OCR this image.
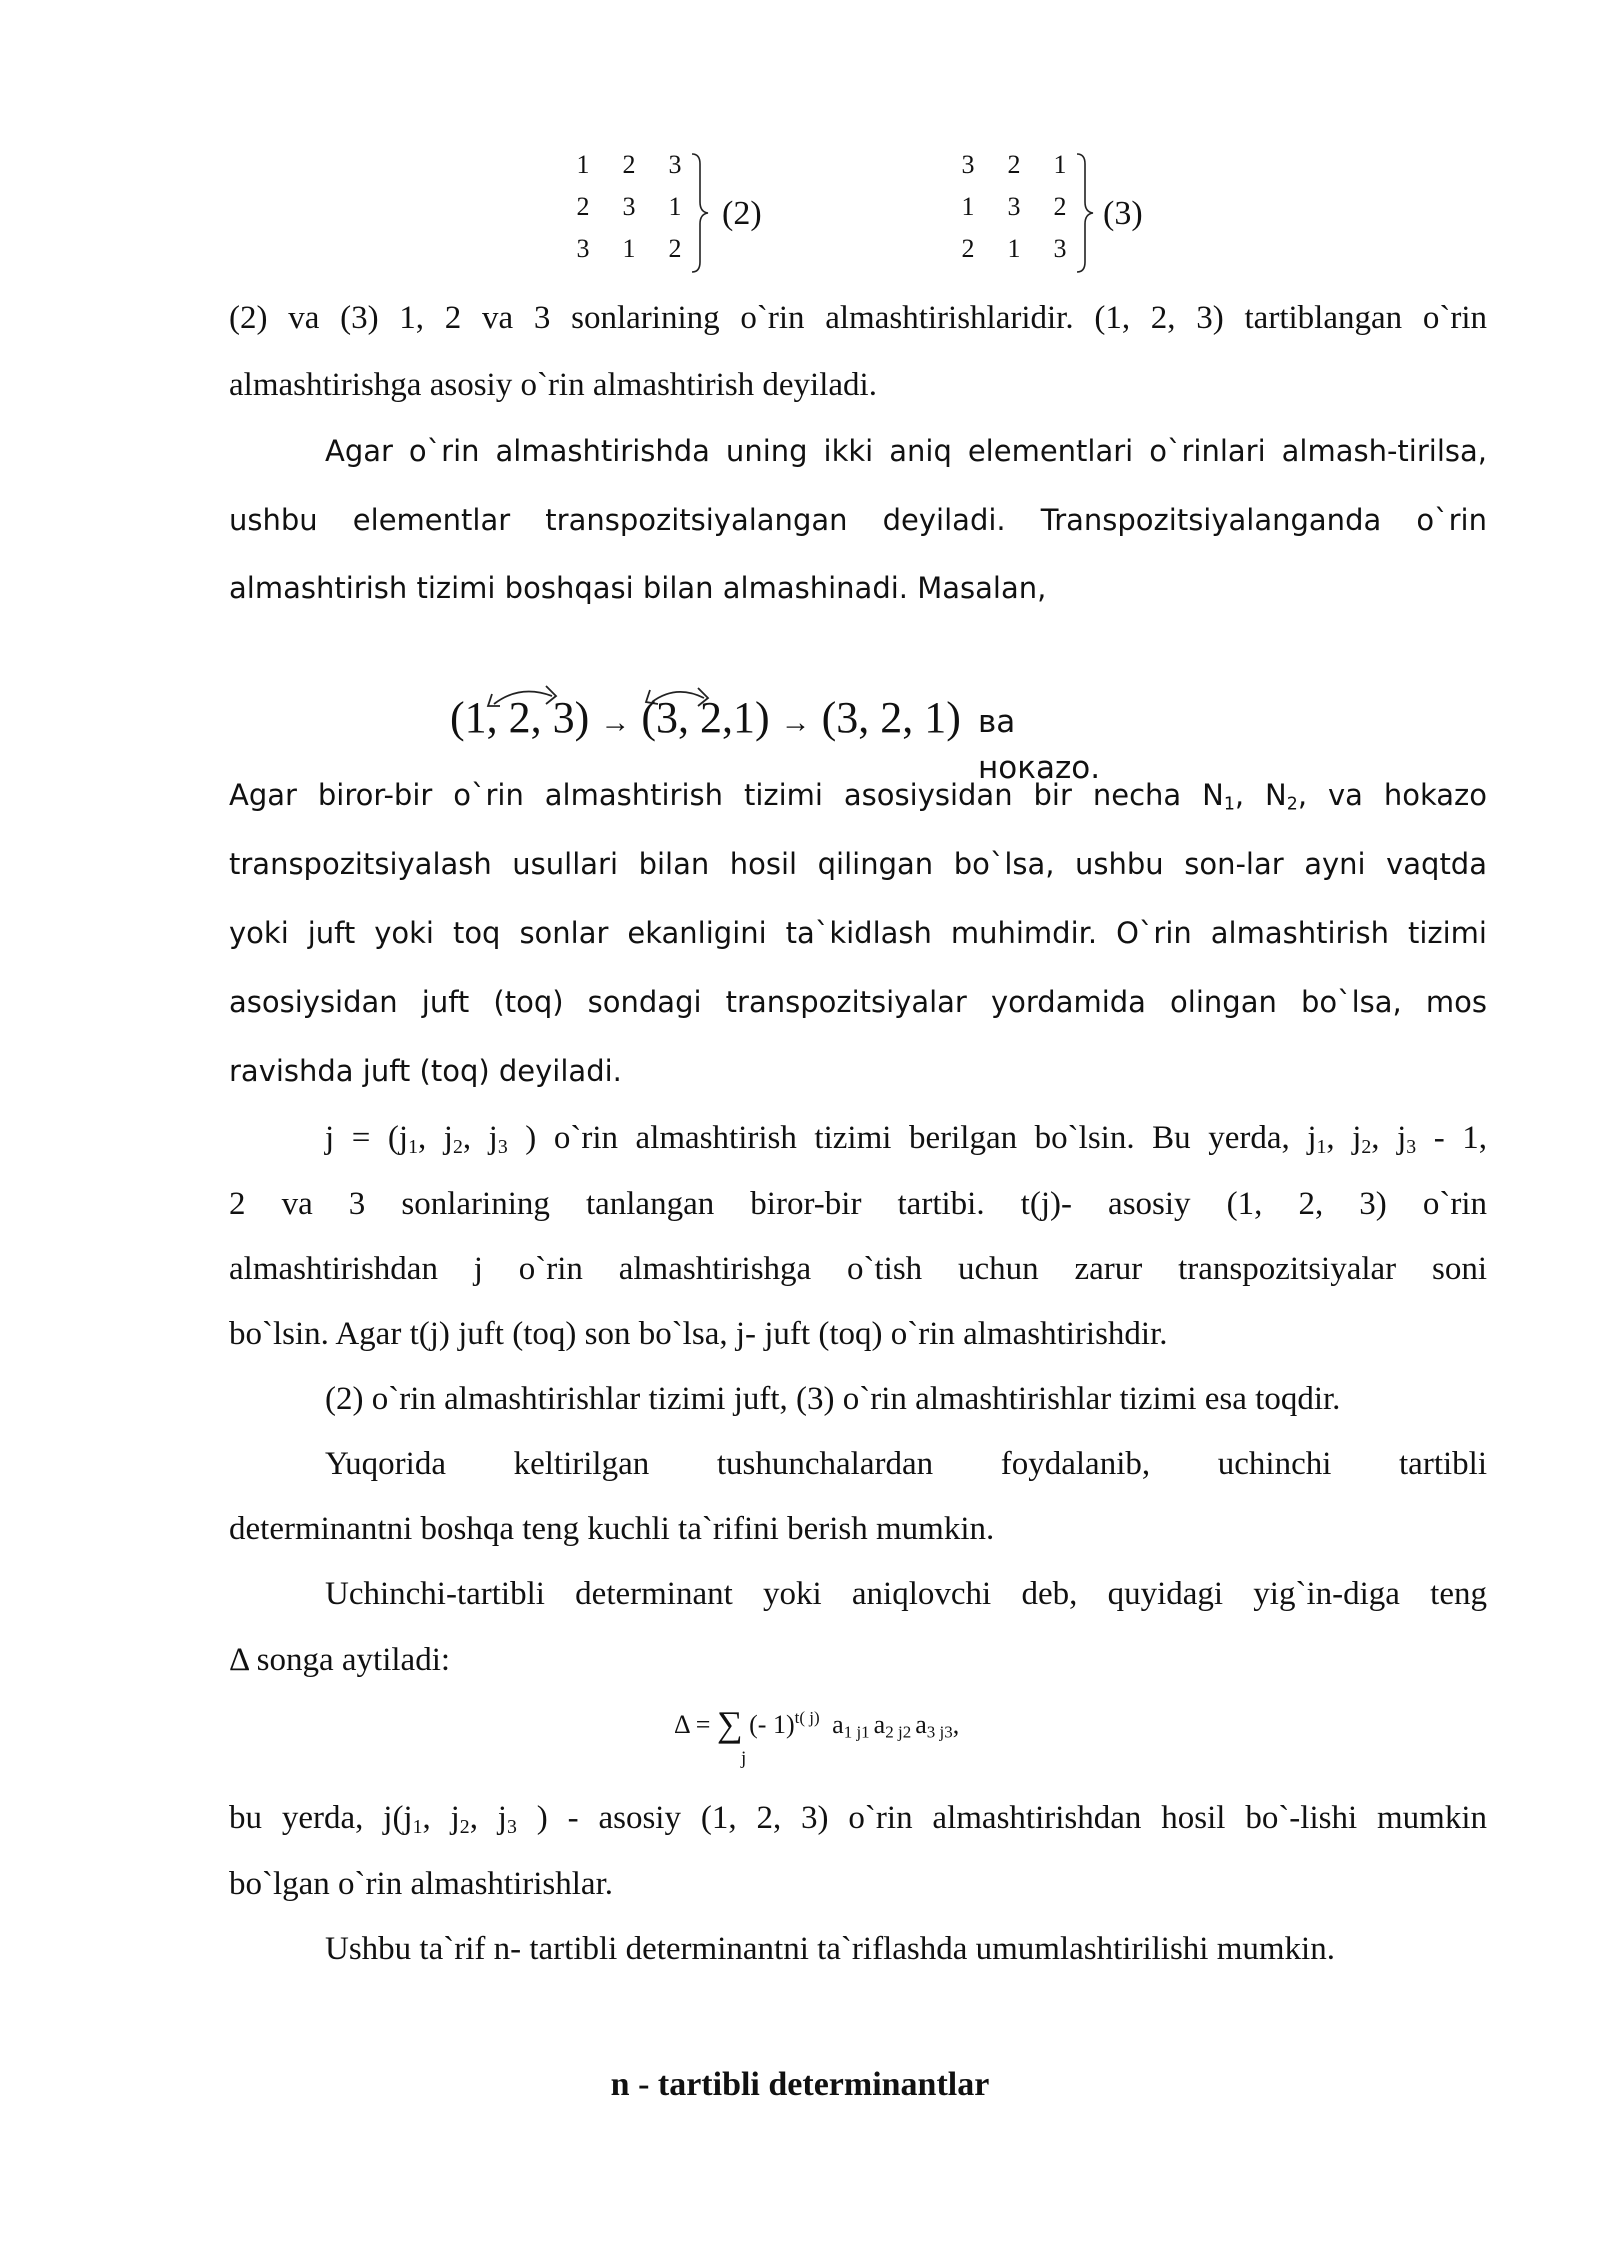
1 2 3
2 3 1
3 1 2
(2)
3 2 1
1 3 2
2 1 3
(3)
(2) va (3) 1, 2 va 3 sonlarining o`rin almashtirishlaridir. (1, 2, 3) tartiblangan o`rin
almashtirishga asosiy o`rin almashtirish deyiladi.
Agar o`rin almashtirishda uning ikki aniq elementlari o`rinlari almash-tirilsa,
ushbu elementlar transpozitsiyalangan deyiladi. Transpozitsiyalanganda o`rin
almashtirish tizimi boshqasi bilan almashinadi. Masalan,
(1, 2, 3) → (3, 2,1) → (3, 2, 1) ва
нокazо.
Agar biror-bir o`rin almashtirish tizimi asosiysidan bir necha $N_1$, $N_2$, va hokazo
transpozitsiyalash usullari bilan hosil qilingan bo`lsa, ushbu son-lar ayni vaqtda
yoki juft yoki toq sonlar ekanligini ta`kidlash muhimdir. O`rin almashtirish tizimi
asosiysidan juft (toq) sondagi transpozitsiyalar yordamida olingan bo`lsa, mos
ravishda juft (toq) deyiladi.
$j = (j_1$, $j_2$, $j_3$ ) o`rin almashtirish tizimi berilgan bo`lsin. Bu yerda, $j_1$, $j_2$, $j_3 - 1$,
2 va 3 sonlarining tanlangan biror-bir tartibi. t(j)- asosiy (1, 2, 3) o`rin
almashtirishdan j o`rin almashtirishga o`tish uchun zarur transpozitsiyalar soni
bo`lsin. Agar t(j) juft (toq) son bo`lsa, j- juft (toq) o`rin almashtirishdir.
(2) o`rin almashtirishlar tizimi juft, (3) o`rin almashtirishlar tizimi esa toqdir.
Yuqorida keltirilgan tushunchalardan foydalanib, uchinchi tartibli
determinantni boshqa teng kuchli ta`rifini berish mumkin.
Uchinchi-tartibli determinant yoki aniqlovchi deb, quyidagi yig`in-diga teng
Δ songa aytiladi:
Δ = ∑ (- 1)$^{t( j)}$ $a_{1 j1}$ $a_{2 j2}$ $a_{3 j3}$,
j
bu yerda, $j(j_1$, $j_2$, $j_3$ ) - asosiy (1, 2, 3) o`rin almashtirishdan hosil bo`-lishi mumkin
bo`lgan o`rin almashtirishlar.
Ushbu ta`rif n- tartibli determinantni ta`riflashda umumlashtirilishi mumkin.
n - tartibli determinantlar
